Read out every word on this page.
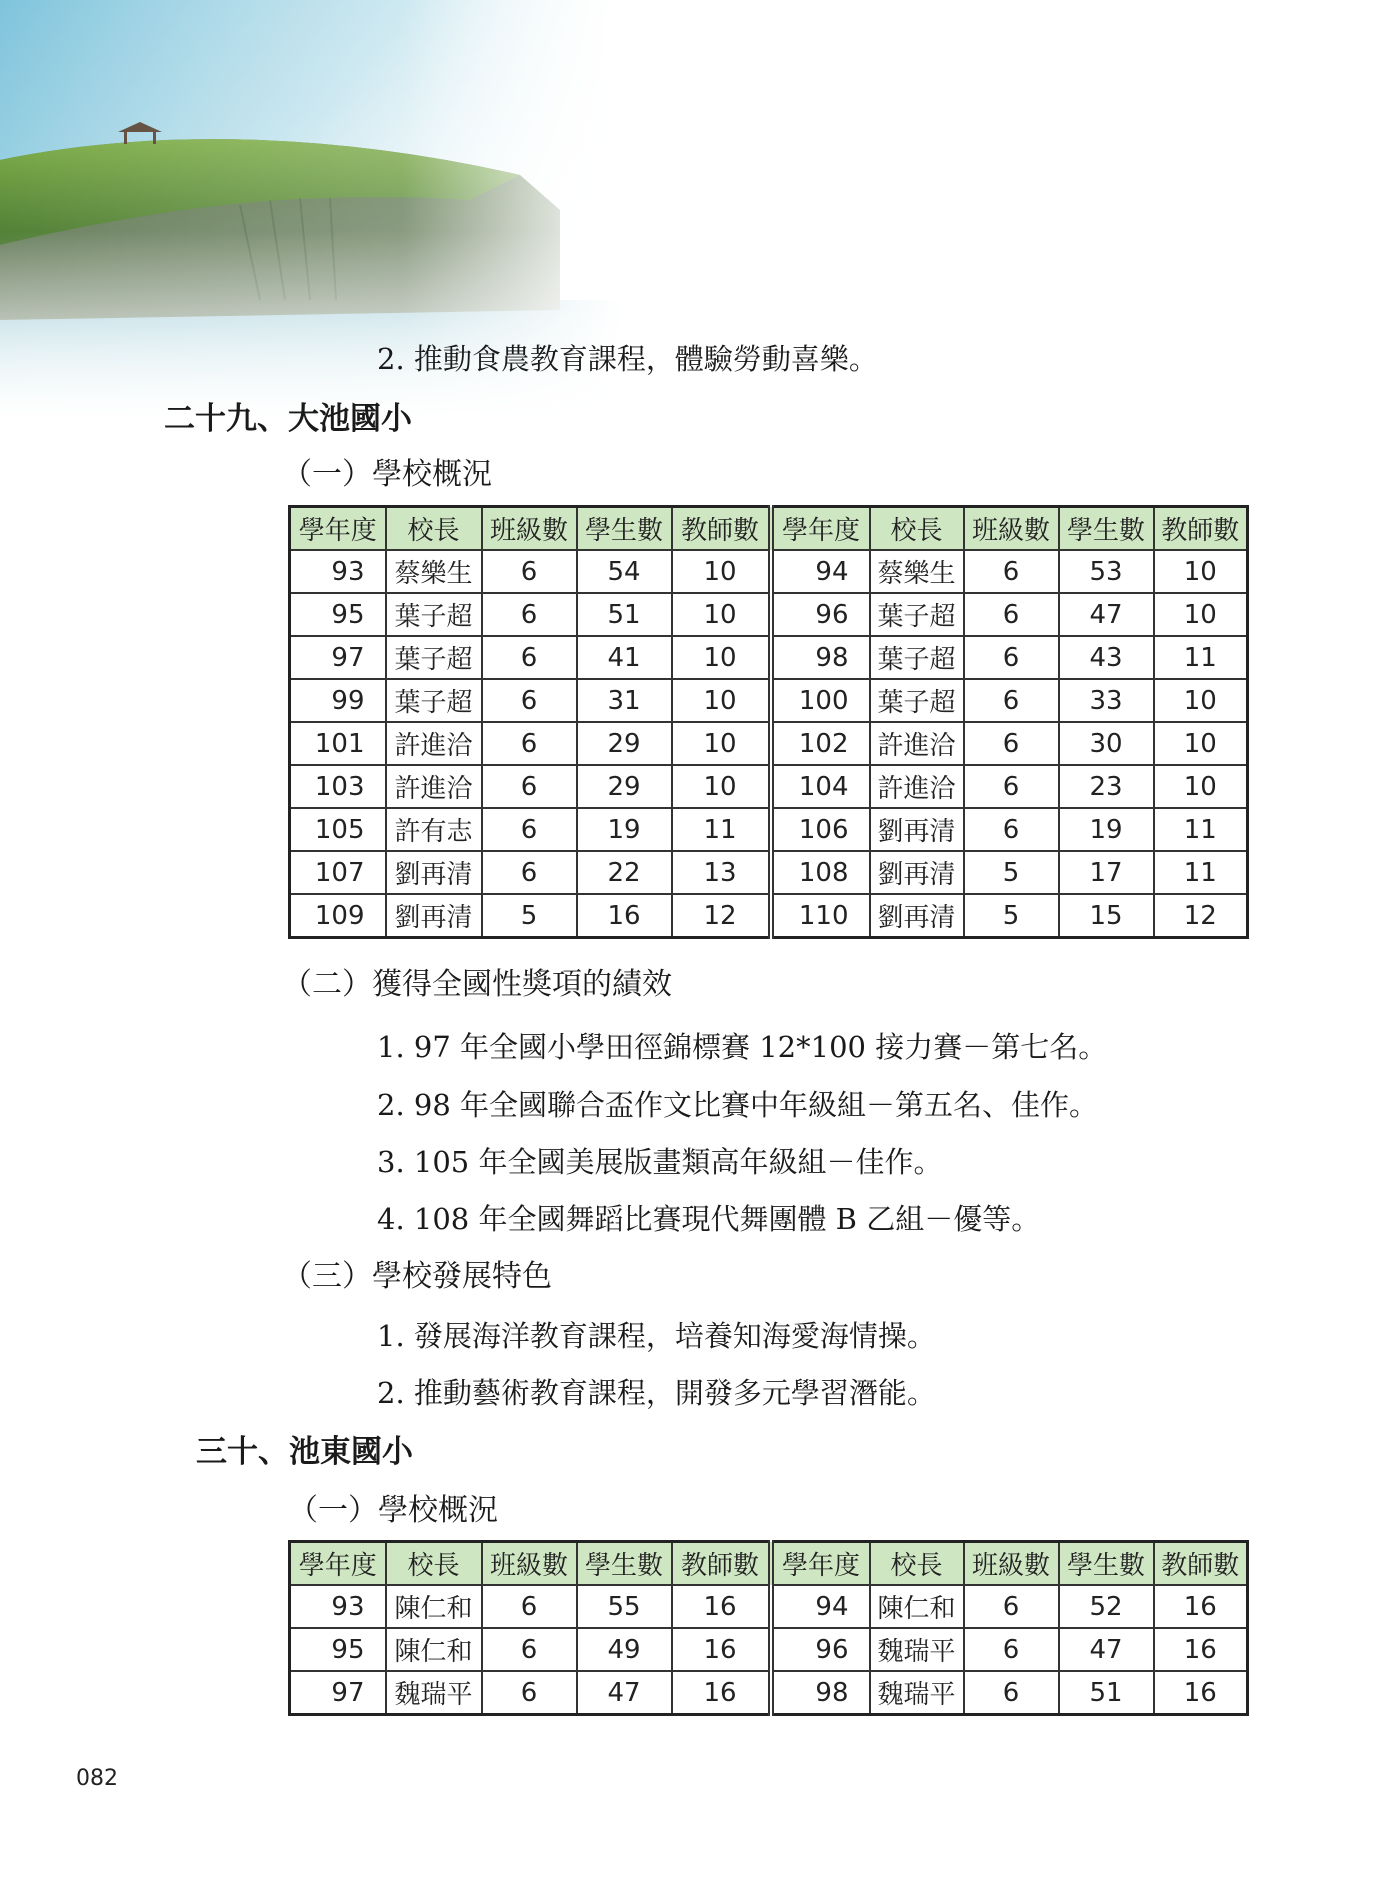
2. 推動食農教育課程，體驗勞動喜樂。
二十九、大池國小
（一）學校概況
學年度	校長	班級數	學生數	教師數	學年度	校長	班級數	學生數	教師數
93	蔡樂生	6	54	10	94	蔡樂生	6	53	10
95	葉子超	6	51	10	96	葉子超	6	47	10
97	葉子超	6	41	10	98	葉子超	6	43	11
99	葉子超	6	31	10	100	葉子超	6	33	10
101	許進洽	6	29	10	102	許進洽	6	30	10
103	許進洽	6	29	10	104	許進洽	6	23	10
105	許有志	6	19	11	106	劉再清	6	19	11
107	劉再清	6	22	13	108	劉再清	5	17	11
109	劉再清	5	16	12	110	劉再清	5	15	12
（二）獲得全國性獎項的績效
1. 97 年全國小學田徑錦標賽 12*100 接力賽－第七名。
2. 98 年全國聯合盃作文比賽中年級組－第五名、佳作。
3. 105 年全國美展版畫類高年級組－佳作。
4. 108 年全國舞蹈比賽現代舞團體 B 乙組－優等。
（三）學校發展特色
1. 發展海洋教育課程，培養知海愛海情操。
2. 推動藝術教育課程，開發多元學習潛能。
三十、池東國小
（一）學校概況
學年度	校長	班級數	學生數	教師數	學年度	校長	班級數	學生數	教師數
93	陳仁和	6	55	16	94	陳仁和	6	52	16
95	陳仁和	6	49	16	96	魏瑞平	6	47	16
97	魏瑞平	6	47	16	98	魏瑞平	6	51	16
082
